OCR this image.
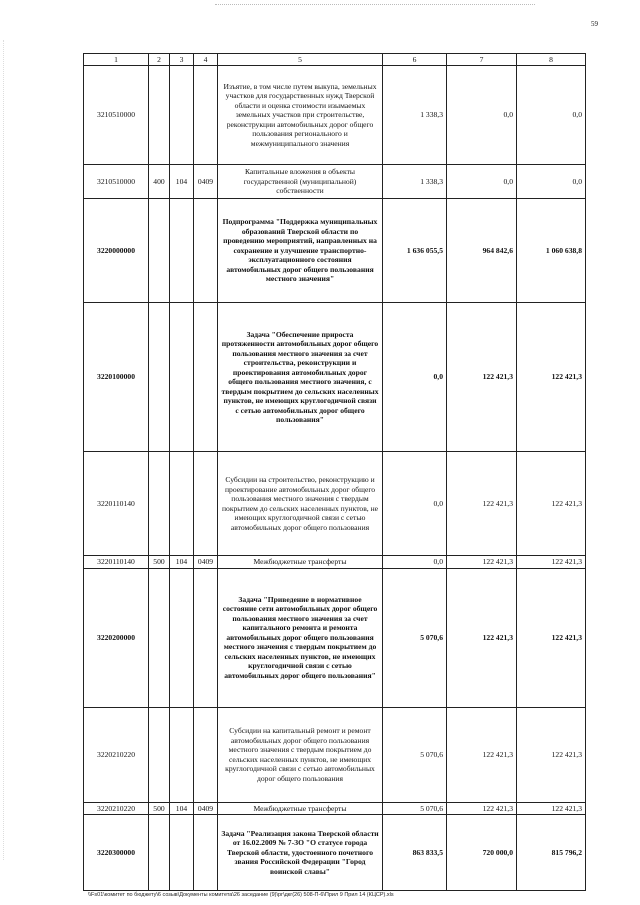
59
1	2	3	4	5	6	7	8
3210510000				Изъятие, в том числе путем выкупа, земельных участков для государственных нужд Тверской области и оценка стоимости изымаемых земельных участков при строительстве, реконструкции автомобильных дорог общего пользования регионального и межмуниципального значения	1 338,3	0,0	0,0
3210510000	400	104	0409	Капитальные вложения в объекты государственной (муниципальной) собственности	1 338,3	0,0	0,0
3220000000				Подпрограмма "Поддержка муниципальных образований Тверской области по проведению мероприятий, направленных на сохранение и улучшение транспортно-эксплуатационного состояния автомобильных дорог общего пользования местного значения"	1 636 055,5	964 842,6	1 060 638,8
3220100000				Задача "Обеспечение прироста протяженности автомобильных дорог общего пользования местного значения за счет строительства, реконструкции и проектирования автомобильных дорог общего пользования местного значения, с твердым покрытием до сельских населенных пунктов, не имеющих круглогодичной связи с сетью автомобильных дорог общего пользования"	0,0	122 421,3	122 421,3
3220110140				Субсидии на строительство, реконструкцию и проектирование автомобильных дорог общего пользования местного значения с твердым покрытием до сельских населенных пунктов, не имеющих круглогодичной связи с сетью автомобильных дорог общего пользования	0,0	122 421,3	122 421,3
3220110140	500	104	0409	Межбюджетные трансферты	0,0	122 421,3	122 421,3
3220200000				Задача "Приведение в нормативное состояние сети автомобильных дорог общего пользования местного значения за счет капитального ремонта и ремонта автомобильных дорог общего пользования местного значения с твердым покрытием до сельских населенных пунктов, не имеющих круглогодичной связи с сетью автомобильных дорог общего пользования"	5 070,6	122 421,3	122 421,3
3220210220				Субсидии на капитальный ремонт и ремонт автомобильных дорог общего пользования местного значения с твердым покрытием до сельских населенных пунктов, не имеющих круглогодичной связи с сетью автомобильных дорог общего пользования	5 070,6	122 421,3	122 421,3
3220210220	500	104	0409	Межбюджетные трансферты	5 070,6	122 421,3	122 421,3
3220300000				Задача "Реализация закона Тверской области от 16.02.2009 № 7-ЗО "О статусе города Тверской области, удостоенного почетного звания Российской Федерации "Город воинской славы"	863 833,5	720 000,0	815 796,2
\\Fs01\комитет по бюджету\6 созыв\Документы комитета\26 заседание (9)\рг\дкг(26) 508-П-6\Прил 9 Прил 14 (КЦСР).xls
